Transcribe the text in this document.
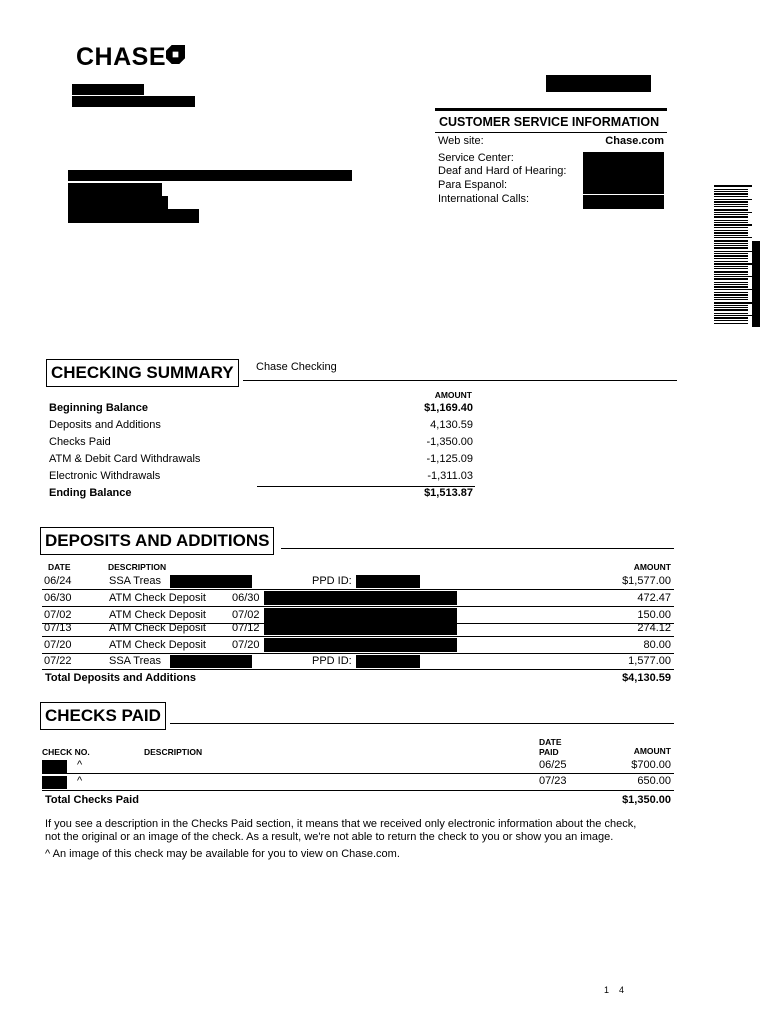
CHASE
CUSTOMER SERVICE INFORMATION
Web site:	Chase.com
Service Center:
Deaf and Hard of Hearing:
Para Espanol:
International Calls:
CHECKING SUMMARY	Chase Checking
AMOUNT
Beginning Balance	$1,169.40
Deposits and Additions	4,130.59
Checks Paid	-1,350.00
ATM & Debit Card Withdrawals	-1,125.09
Electronic Withdrawals	-1,311.03
Ending Balance	$1,513.87
DEPOSITS AND ADDITIONS
DATE	DESCRIPTION	AMOUNT
06/24	SSA Treas	PPD ID:	$1,577.00
06/30	ATM Check Deposit 06/30	472.47
07/02	ATM Check Deposit 07/02	150.00
07/13	ATM Check Deposit 07/12	274.12
07/20	ATM Check Deposit 07/20	80.00
07/22	SSA Treas	PPD ID:	1,577.00
Total Deposits and Additions	$4,130.59
CHECKS PAID
DATE
CHECK NO.	DESCRIPTION	PAID	AMOUNT
^	06/25	$700.00
^	07/23	650.00
Total Checks Paid	$1,350.00
If you see a description in the Checks Paid section, it means that we received only electronic information about the check,
not the original or an image of the check. As a result, we're not able to return the check to you or show you an image.
^ An image of this check may be available for you to view on Chase.com.
1 4
